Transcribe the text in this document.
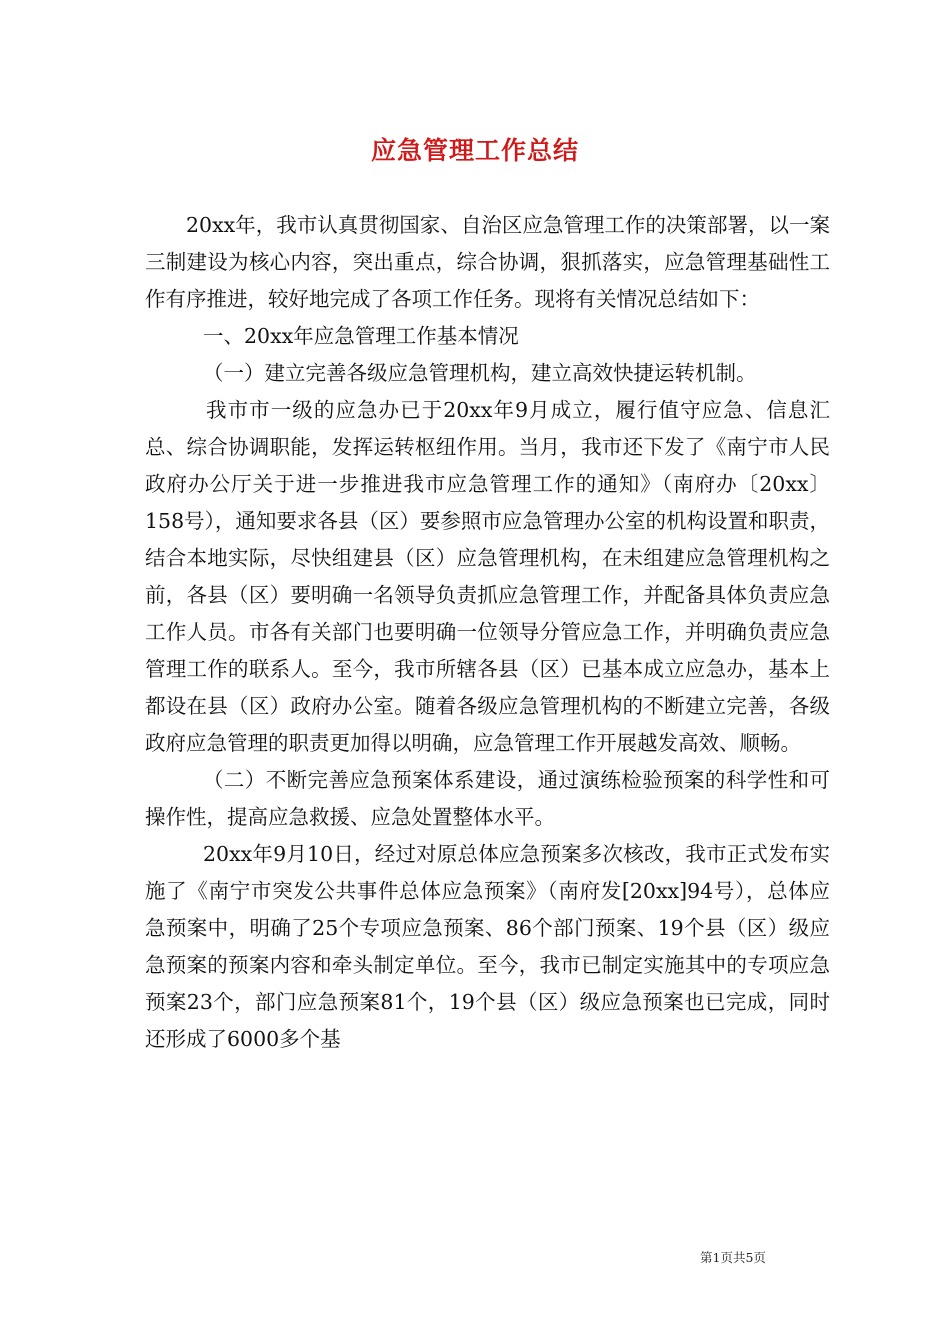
应急管理工作总结

20xx年，我市认真贯彻国家、自治区应急管理工作的决策部署，以一案三制建设为核心内容，突出重点，综合协调，狠抓落实，应急管理基础性工作有序推进，较好地完成了各项工作任务。现将有关情况总结如下：

一、20xx年应急管理工作基本情况

（一）建立完善各级应急管理机构，建立高效快捷运转机制。

我市市一级的应急办已于20xx年9月成立，履行值守应急、信息汇总、综合协调职能，发挥运转枢纽作用。当月，我市还下发了《南宁市人民政府办公厅关于进一步推进我市应急管理工作的通知》（南府办〔20xx〕158号），通知要求各县（区）要参照市应急管理办公室的机构设置和职责，结合本地实际，尽快组建县（区）应急管理机构，在未组建应急管理机构之前，各县（区）要明确一名领导负责抓应急管理工作，并配备具体负责应急工作人员。市各有关部门也要明确一位领导分管应急工作，并明确负责应急管理工作的联系人。至今，我市所辖各县（区）已基本成立应急办，基本上都设在县（区）政府办公室。随着各级应急管理机构的不断建立完善，各级政府应急管理的职责更加得以明确，应急管理工作开展越发高效、顺畅。

（二）不断完善应急预案体系建设，通过演练检验预案的科学性和可操作性，提高应急救援、应急处置整体水平。

20xx年9月10日，经过对原总体应急预案多次核改，我市正式发布实施了《南宁市突发公共事件总体应急预案》（南府发[20xx]94号），总体应急预案中，明确了25个专项应急预案、86个部门预案、19个县（区）级应急预案的预案内容和牵头制定单位。至今，我市已制定实施其中的专项应急预案23个，部门应急预案81个，19个县（区）级应急预案也已完成，同时还形成了6000多个基

第1页共5页
